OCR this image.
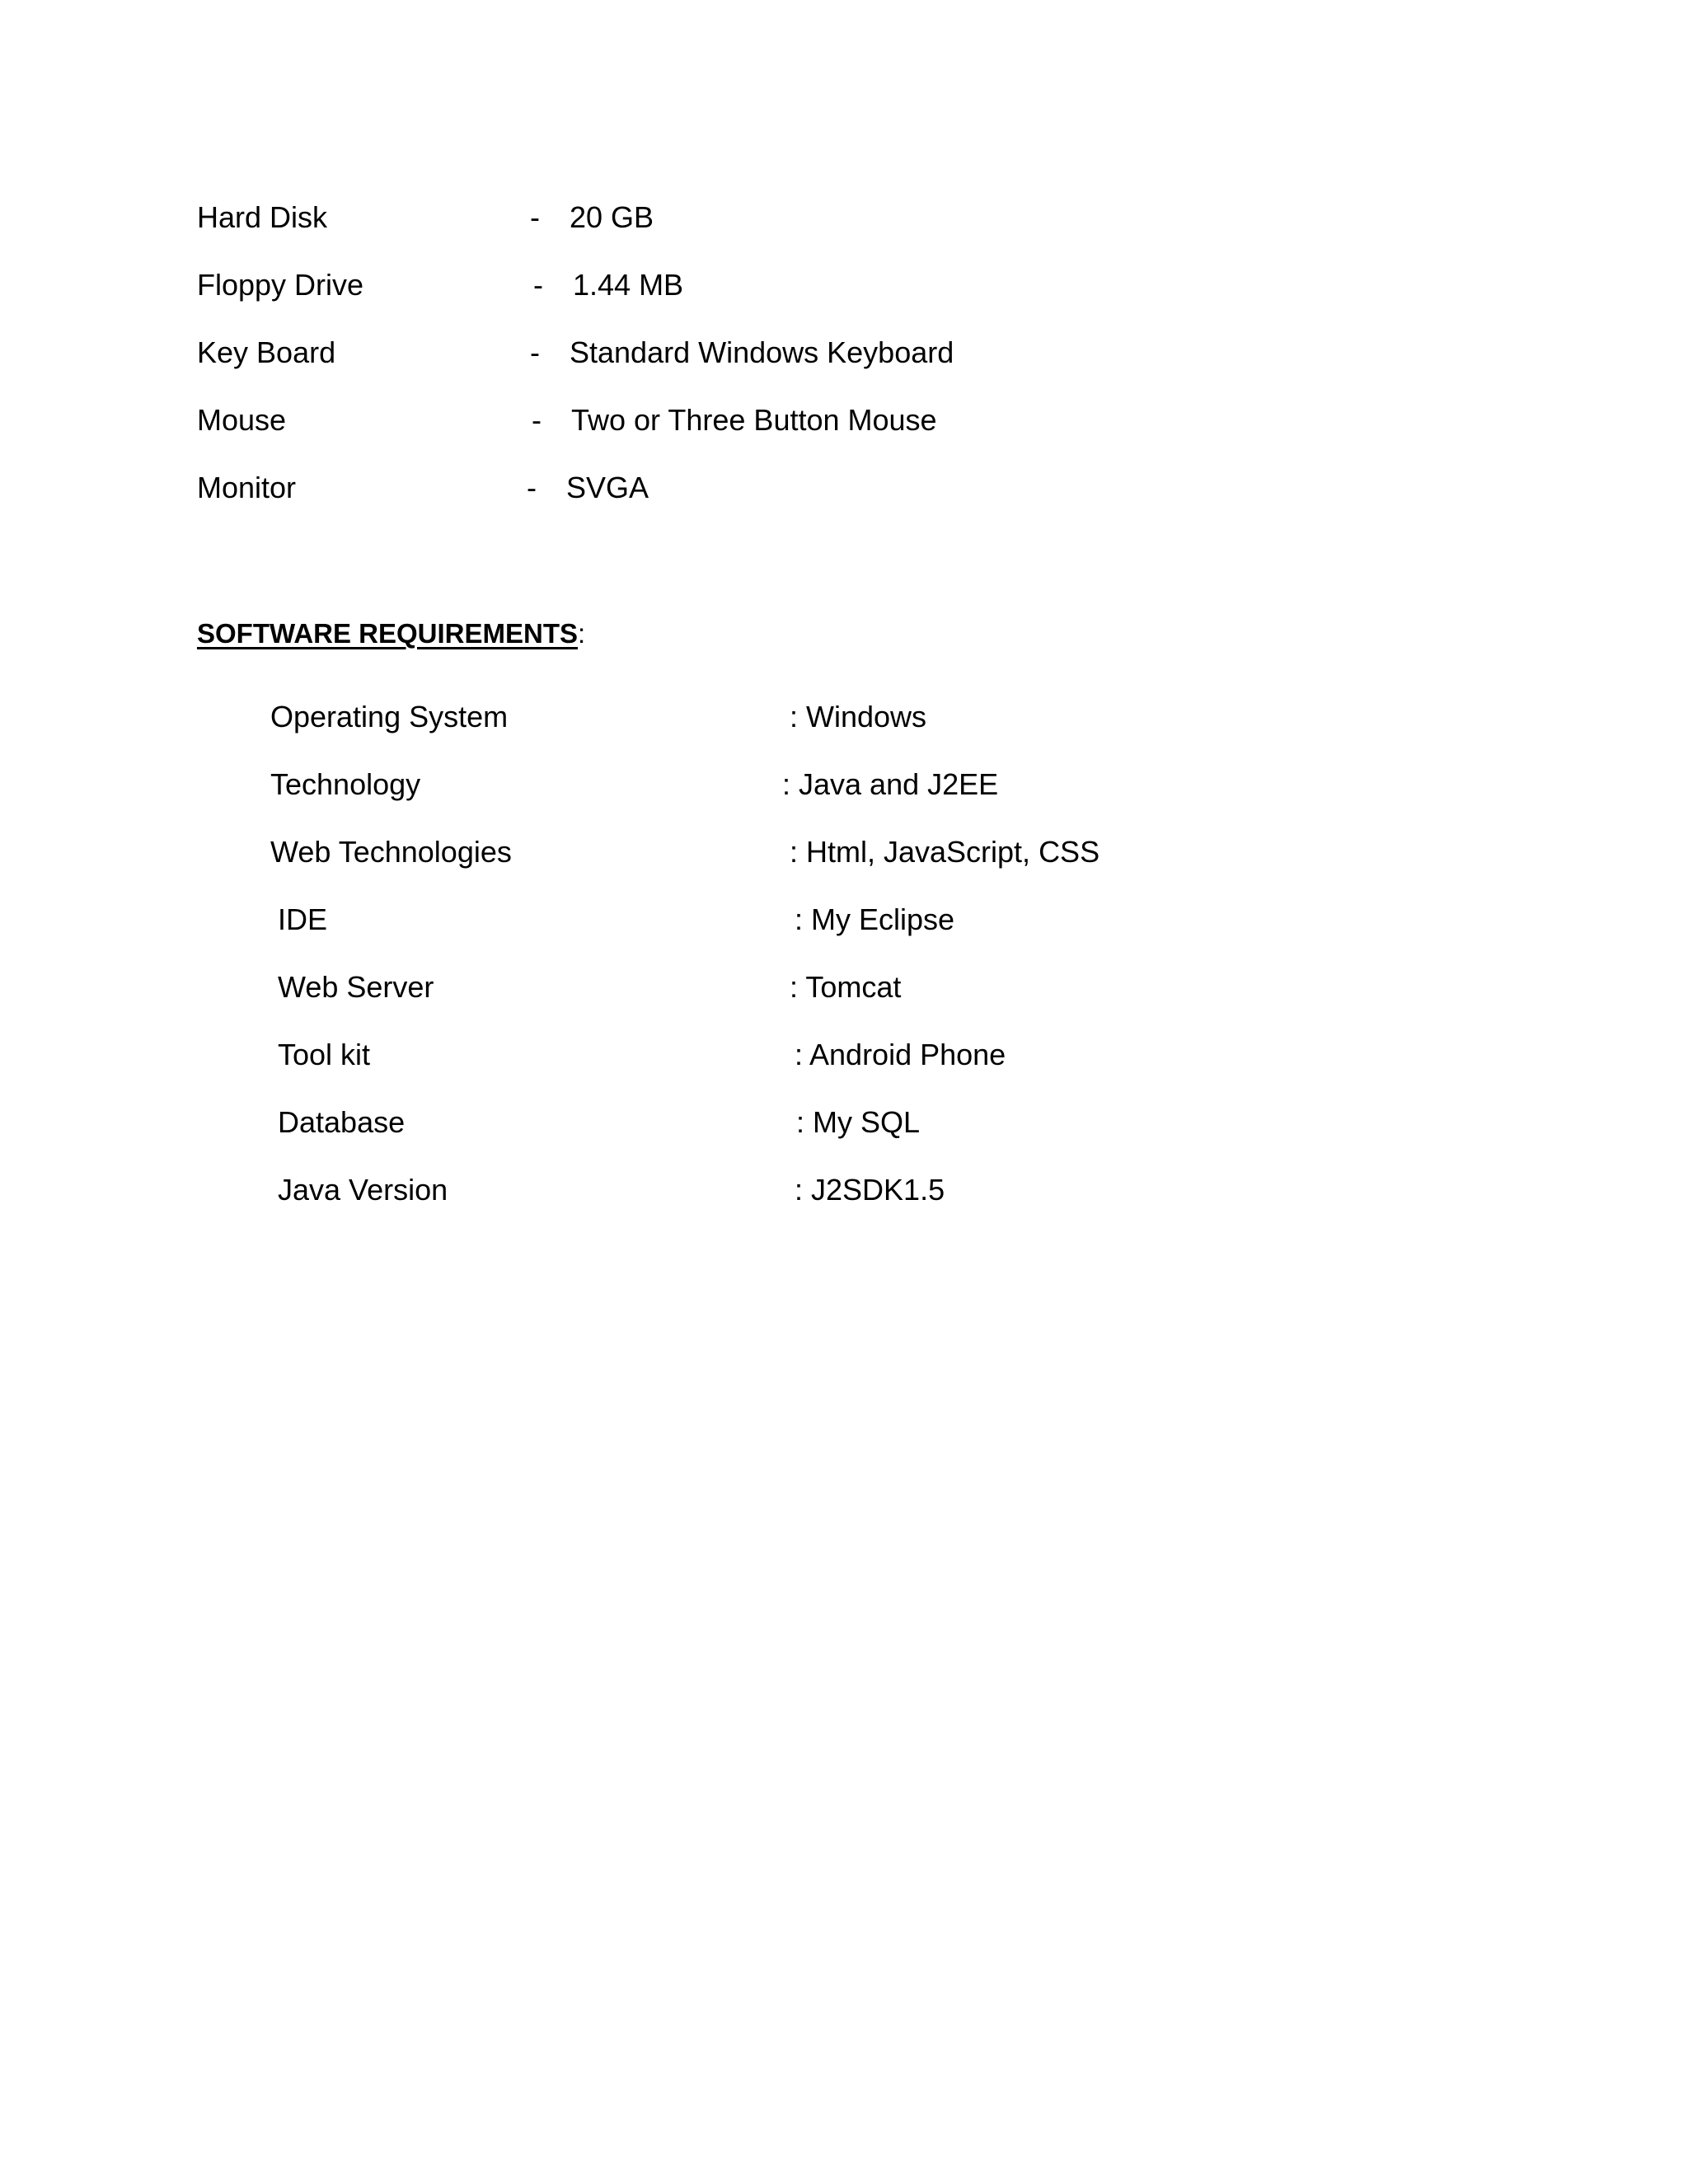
Hard Disk	- 20 GB
Floppy Drive	- 1.44 MB
Key Board	- Standard Windows Keyboard
Mouse	- Two or Three Button Mouse
Monitor	- SVGA
SOFTWARE REQUIREMENTS:
Operating System	: Windows
Technology	: Java and J2EE
Web Technologies	: Html, JavaScript, CSS
IDE	: My Eclipse
Web Server	: Tomcat
Tool kit	: Android Phone
Database	: My SQL
Java Version	: J2SDK1.5
